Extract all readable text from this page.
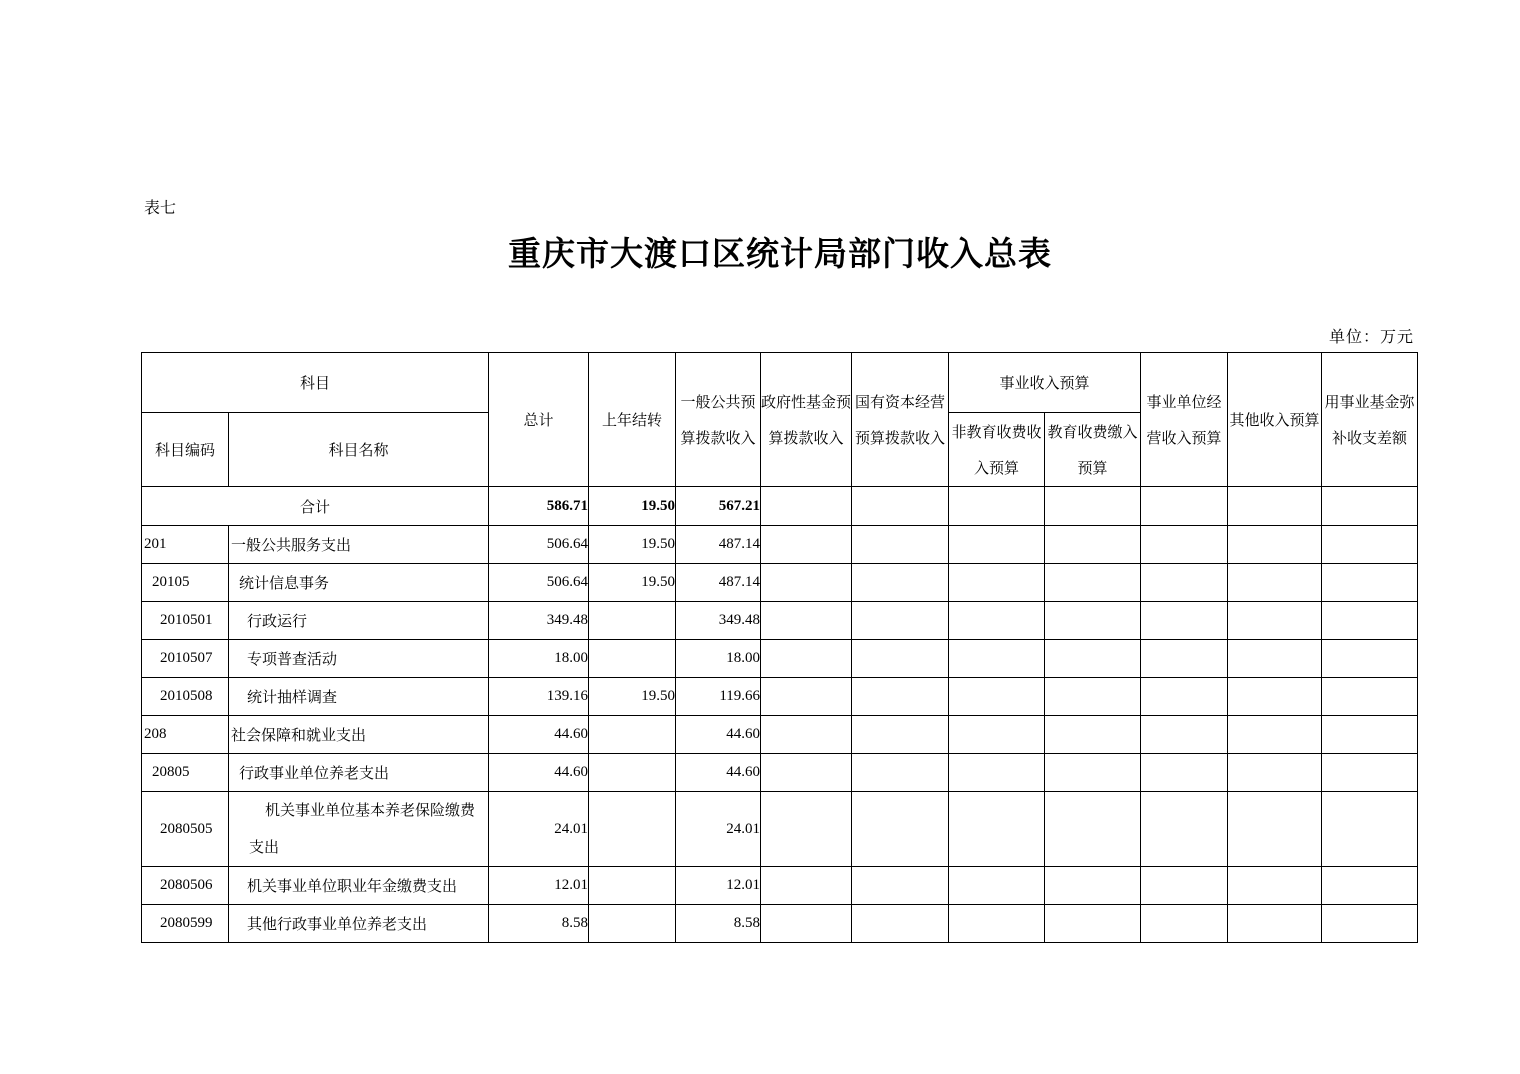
表七
重庆市大渡口区统计局部门收入总表
单位：万元
科目		总计	上年结转	一般公共预算拨款收入	政府性基金预算拨款收入	国有资本经营预算拨款收入	事业收入预算		事业单位经营收入预算	其他收入预算	用事业基金弥补收支差额
科目编码	科目名称						非教育收费收入预算	教育收费缴入预算			
合计		586.71	19.50	567.21							
201	一般公共服务支出	506.64	19.50	487.14							
20105	统计信息事务	506.64	19.50	487.14							
2010501	行政运行	349.48		349.48							
2010507	专项普查活动	18.00		18.00							
2010508	统计抽样调查	139.16	19.50	119.66							
208	社会保障和就业支出	44.60		44.60							
20805	行政事业单位养老支出	44.60		44.60							
2080505	机关事业单位基本养老保险缴费
支出	24.01		24.01							
2080506	机关事业单位职业年金缴费支出	12.01		12.01							
2080599	其他行政事业单位养老支出	8.58		8.58							
